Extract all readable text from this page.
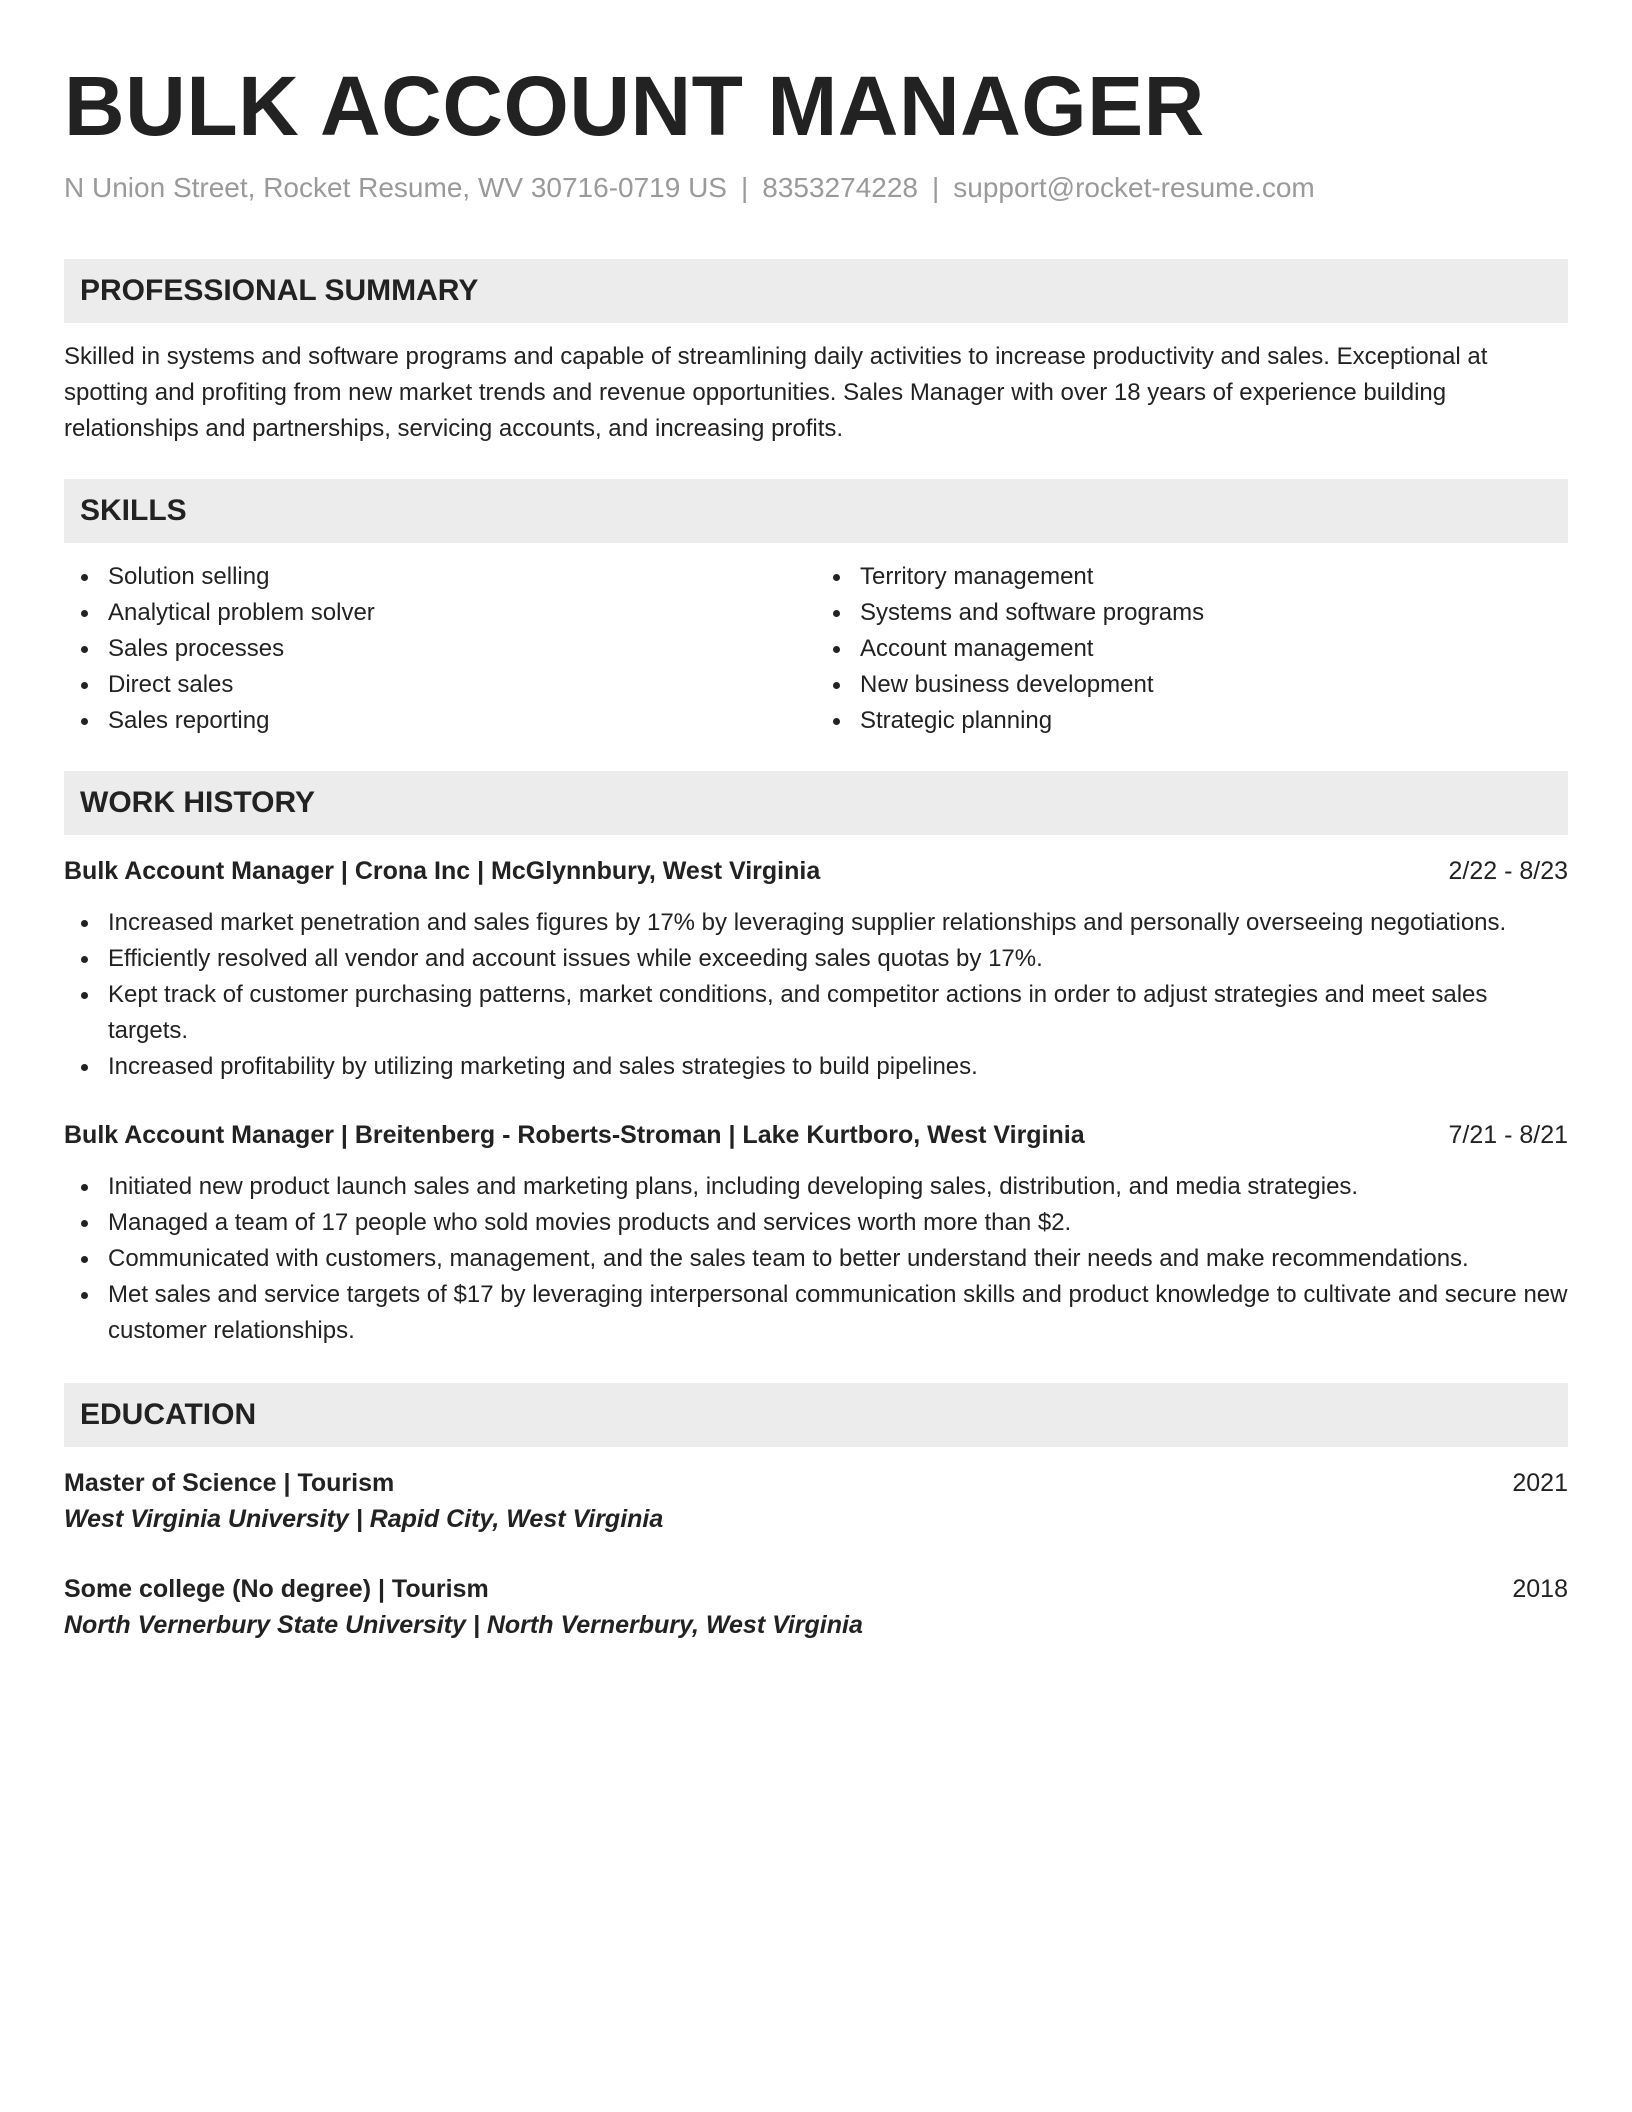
BULK ACCOUNT MANAGER
N Union Street, Rocket Resume, WV 30716-0719 US | 8353274228 | support@rocket-resume.com
PROFESSIONAL SUMMARY

Skilled in systems and software programs and capable of streamlining daily activities to increase productivity and sales. Exceptional at spotting and profiting from new market trends and revenue opportunities. Sales Manager with over 18 years of experience building relationships and partnerships, servicing accounts, and increasing profits.

SKILLS
Solution selling
Analytical problem solver
Sales processes
Direct sales
Sales reporting
Territory management
Systems and software programs
Account management
New business development
Strategic planning
WORK HISTORY
Bulk Account Manager | Crona Inc | McGlynnbury, West Virginia	2/22 - 8/23
Increased market penetration and sales figures by 17% by leveraging supplier relationships and personally overseeing negotiations.
Efficiently resolved all vendor and account issues while exceeding sales quotas by 17%.
Kept track of customer purchasing patterns, market conditions, and competitor actions in order to adjust strategies and meet sales targets.
Increased profitability by utilizing marketing and sales strategies to build pipelines.
Bulk Account Manager | Breitenberg - Roberts-Stroman | Lake Kurtboro, West Virginia	7/21 - 8/21
Initiated new product launch sales and marketing plans, including developing sales, distribution, and media strategies.
Managed a team of 17 people who sold movies products and services worth more than $2.
Communicated with customers, management, and the sales team to better understand their needs and make recommendations.
Met sales and service targets of $17 by leveraging interpersonal communication skills and product knowledge to cultivate and secure new customer relationships.
EDUCATION
Master of Science | Tourism	2021
West Virginia University | Rapid City, West Virginia
Some college (No degree) | Tourism	2018
North Vernerbury State University | North Vernerbury, West Virginia
